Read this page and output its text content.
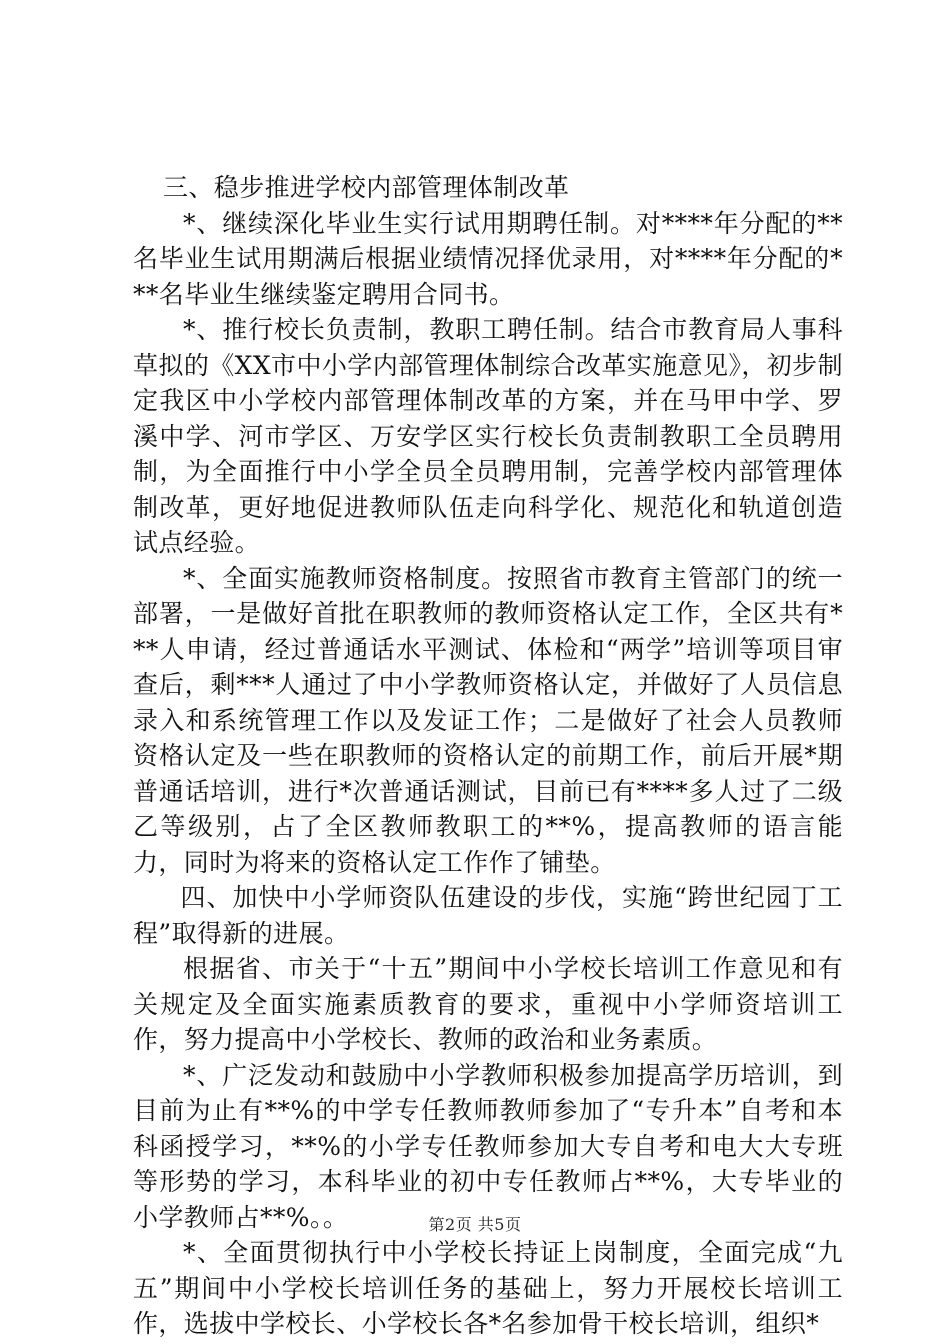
三、稳步推进学校内部管理体制改革

*、继续深化毕业生实行试用期聘任制。对****年分配的**名毕业生试用期满后根据业绩情况择优录用，对****年分配的***名毕业生继续鉴定聘用合同书。

*、推行校长负责制，教职工聘任制。结合市教育局人事科草拟的《XX市中小学内部管理体制综合改革实施意见》，初步制定我区中小学校内部管理体制改革的方案，并在马甲中学、罗溪中学、河市学区、万安学区实行校长负责制教职工全员聘用制，为全面推行中小学全员全员聘用制，完善学校内部管理体制改革，更好地促进教师队伍走向科学化、规范化和轨道创造试点经验。

*、全面实施教师资格制度。按照省市教育主管部门的统一部署，一是做好首批在职教师的教师资格认定工作，全区共有***人申请，经过普通话水平测试、体检和“两学”培训等项目审查后，剩***人通过了中小学教师资格认定，并做好了人员信息录入和系统管理工作以及发证工作；二是做好了社会人员教师资格认定及一些在职教师的资格认定的前期工作，前后开展*期普通话培训，进行*次普通话测试，目前已有****多人过了二级乙等级别，占了全区教师教职工的**%，提高教师的语言能力，同时为将来的资格认定工作作了铺垫。

四、加快中小学师资队伍建设的步伐，实施“跨世纪园丁工程”取得新的进展。

根据省、市关于“十五”期间中小学校长培训工作意见和有关规定及全面实施素质教育的要求，重视中小学师资培训工作，努力提高中小学校长、教师的政治和业务素质。

*、广泛发动和鼓励中小学教师积极参加提高学历培训，到目前为止有**%的中学专任教师教师参加了“专升本”自考和本科函授学习，**%的小学专任教师参加大专自考和电大大专班等形势的学习，本科毕业的初中专任教师占**%，大专毕业的小学教师占**%。。

*、全面贯彻执行中小学校长持证上岗制度，全面完成“九五”期间中小学校长培训任务的基础上，努力开展校长培训工作，选拔中学校长、小学校长各*名参加骨干校长培训，组织*

第2页 共5页
